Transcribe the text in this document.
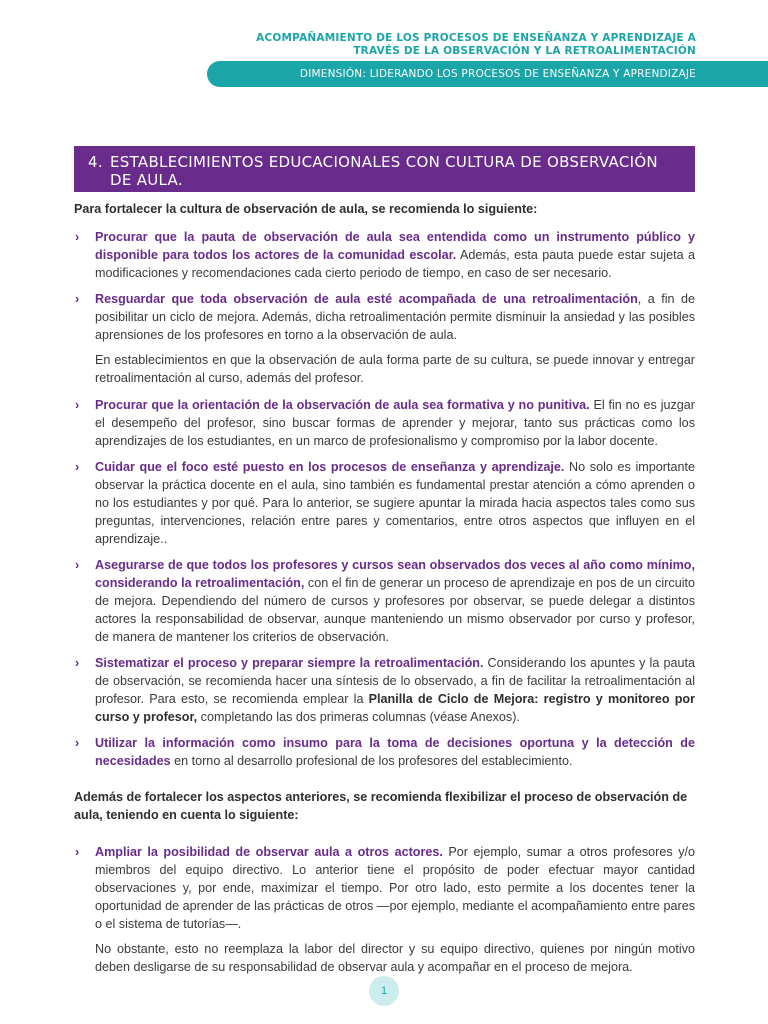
ACOMPAÑAMIENTO DE LOS PROCESOS DE ENSEÑANZA Y APRENDIZAJE A
TRAVÉS DE LA OBSERVACIÓN Y LA RETROALIMENTACIÓN
DIMENSIÓN: LIDERANDO LOS PROCESOS DE ENSEÑANZA Y APRENDIZAJE
4. ESTABLECIMIENTOS EDUCACIONALES CON CULTURA DE OBSERVACIÓN
DE AULA.

Para fortalecer la cultura de observación de aula, se recomienda lo siguiente:

› Procurar que la pauta de observación de aula sea entendida como un instrumento público y disponible para todos los actores de la comunidad escolar. Además, esta pauta puede estar sujeta a modificaciones y recomendaciones cada cierto periodo de tiempo, en caso de ser necesario.
› Resguardar que toda observación de aula esté acompañada de una retroalimentación, a fin de posibilitar un ciclo de mejora. Además, dicha retroalimentación permite disminuir la ansiedad y las posibles aprensiones de los profesores en torno a la observación de aula.
En establecimientos en que la observación de aula forma parte de su cultura, se puede innovar y entregar retroalimentación al curso, además del profesor.
› Procurar que la orientación de la observación de aula sea formativa y no punitiva. El fin no es juzgar el desempeño del profesor, sino buscar formas de aprender y mejorar, tanto sus prácticas como los aprendizajes de los estudiantes, en un marco de profesionalismo y compromiso por la labor docente.
› Cuidar que el foco esté puesto en los procesos de enseñanza y aprendizaje. No solo es importante observar la práctica docente en el aula, sino también es fundamental prestar atención a cómo aprenden o no los estudiantes y por qué. Para lo anterior, se sugiere apuntar la mirada hacia aspectos tales como sus preguntas, intervenciones, relación entre pares y comentarios, entre otros aspectos que influyen en el aprendizaje..
› Asegurarse de que todos los profesores y cursos sean observados dos veces al año como mínimo, considerando la retroalimentación, con el fin de generar un proceso de aprendizaje en pos de un circuito de mejora. Dependiendo del número de cursos y profesores por observar, se puede delegar a distintos actores la responsabilidad de observar, aunque manteniendo un mismo observador por curso y profesor, de manera de mantener los criterios de observación.
› Sistematizar el proceso y preparar siempre la retroalimentación. Considerando los apuntes y la pauta de observación, se recomienda hacer una síntesis de lo observado, a fin de facilitar la retroalimentación al profesor. Para esto, se recomienda emplear la Planilla de Ciclo de Mejora: registro y monitoreo por curso y profesor, completando las dos primeras columnas (véase Anexos).
› Utilizar la información como insumo para la toma de decisiones oportuna y la detección de necesidades en torno al desarrollo profesional de los profesores del establecimiento.

Además de fortalecer los aspectos anteriores, se recomienda flexibilizar el proceso de observación de aula, teniendo en cuenta lo siguiente:

› Ampliar la posibilidad de observar aula a otros actores. Por ejemplo, sumar a otros profesores y/o miembros del equipo directivo. Lo anterior tiene el propósito de poder efectuar mayor cantidad observaciones y, por ende, maximizar el tiempo. Por otro lado, esto permite a los docentes tener la oportunidad de aprender de las prácticas de otros —por ejemplo, mediante el acompañamiento entre pares o el sistema de tutorías—.
No obstante, esto no reemplaza la labor del director y su equipo directivo, quienes por ningún motivo deben desligarse de su responsabilidad de observar aula y acompañar en el proceso de mejora.
1
